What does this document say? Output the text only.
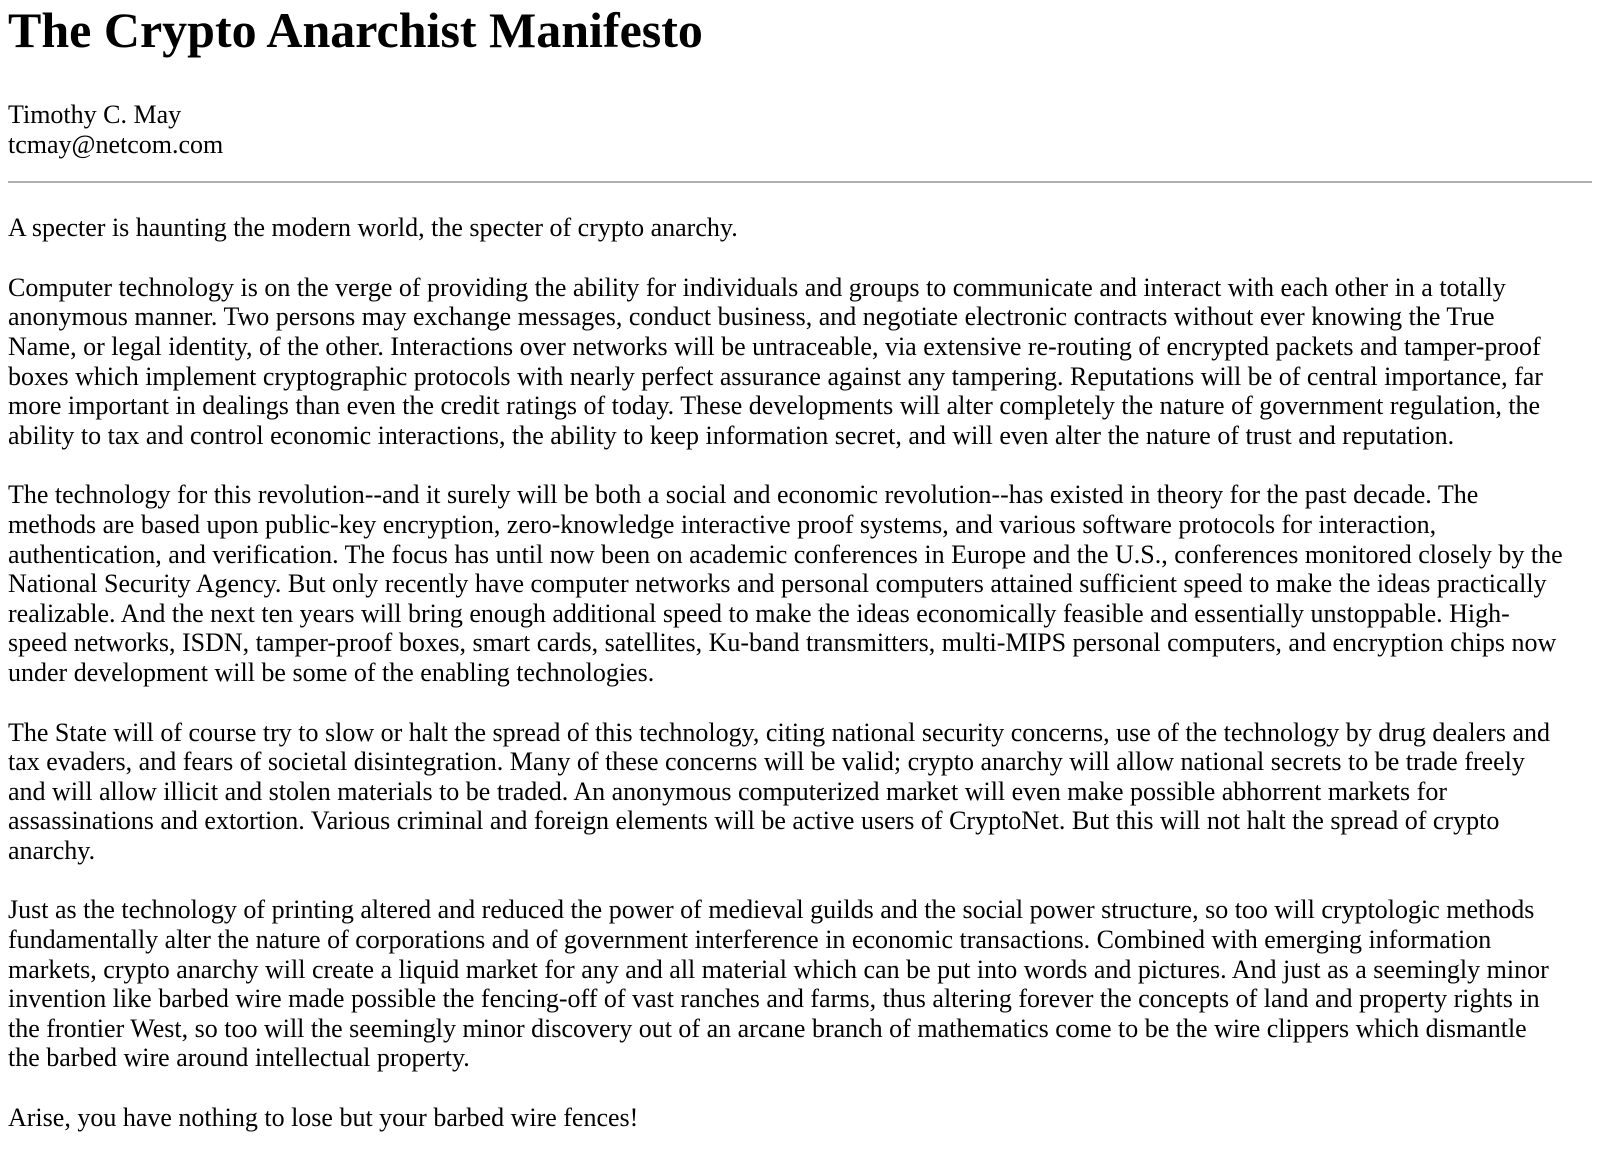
The Crypto Anarchist Manifesto
Timothy C. May
tcmay@netcom.com

A specter is haunting the modern world, the specter of crypto anarchy.

Computer technology is on the verge of providing the ability for individuals and groups to communicate and interact with each other in a totally anonymous manner. Two persons may exchange messages, conduct business, and negotiate electronic contracts without ever knowing the True Name, or legal identity, of the other. Interactions over networks will be untraceable, via extensive re-routing of encrypted packets and tamper-proof boxes which implement cryptographic protocols with nearly perfect assurance against any tampering. Reputations will be of central importance, far more important in dealings than even the credit ratings of today. These developments will alter completely the nature of government regulation, the ability to tax and control economic interactions, the ability to keep information secret, and will even alter the nature of trust and reputation.

The technology for this revolution--and it surely will be both a social and economic revolution--has existed in theory for the past decade. The methods are based upon public-key encryption, zero-knowledge interactive proof systems, and various software protocols for interaction, authentication, and verification. The focus has until now been on academic conferences in Europe and the U.S., conferences monitored closely by the National Security Agency. But only recently have computer networks and personal computers attained sufficient speed to make the ideas practically realizable. And the next ten years will bring enough additional speed to make the ideas economically feasible and essentially unstoppable. High-speed networks, ISDN, tamper-proof boxes, smart cards, satellites, Ku-band transmitters, multi-MIPS personal computers, and encryption chips now under development will be some of the enabling technologies.

The State will of course try to slow or halt the spread of this technology, citing national security concerns, use of the technology by drug dealers and tax evaders, and fears of societal disintegration. Many of these concerns will be valid; crypto anarchy will allow national secrets to be trade freely and will allow illicit and stolen materials to be traded. An anonymous computerized market will even make possible abhorrent markets for assassinations and extortion. Various criminal and foreign elements will be active users of CryptoNet. But this will not halt the spread of crypto anarchy.

Just as the technology of printing altered and reduced the power of medieval guilds and the social power structure, so too will cryptologic methods fundamentally alter the nature of corporations and of government interference in economic transactions. Combined with emerging information markets, crypto anarchy will create a liquid market for any and all material which can be put into words and pictures. And just as a seemingly minor invention like barbed wire made possible the fencing-off of vast ranches and farms, thus altering forever the concepts of land and property rights in the frontier West, so too will the seemingly minor discovery out of an arcane branch of mathematics come to be the wire clippers which dismantle the barbed wire around intellectual property.

Arise, you have nothing to lose but your barbed wire fences!
